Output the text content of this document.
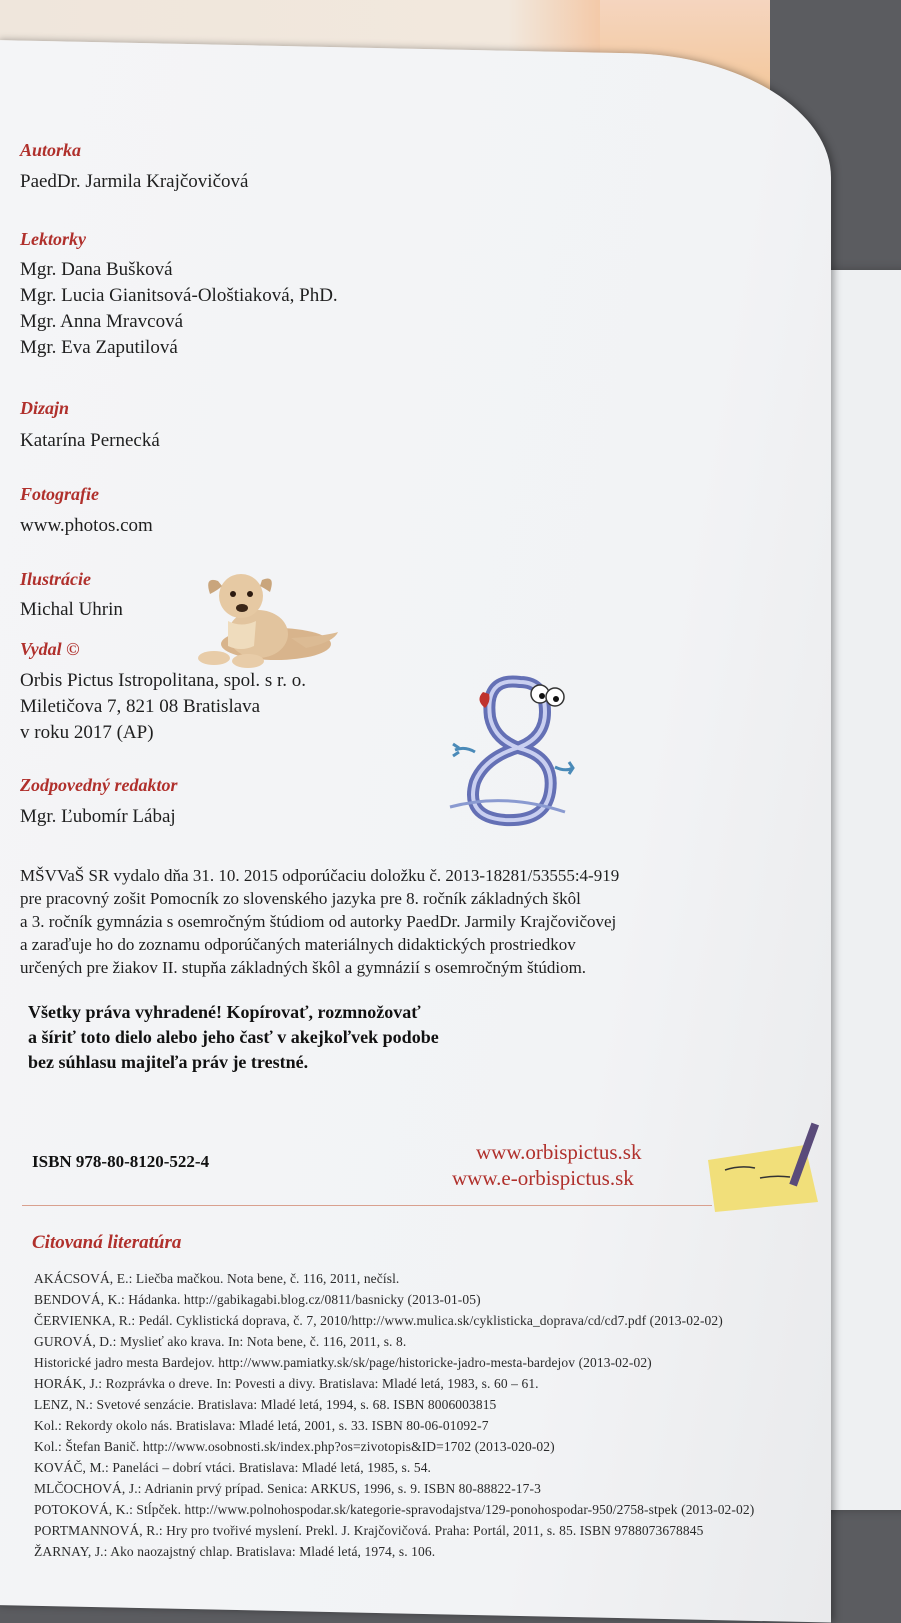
Autorka
PaedDr. Jarmila Krajčovičová
Lektorky
Mgr. Dana Bušková
Mgr. Lucia Gianitsová-Ološtiaková, PhD.
Mgr. Anna Mravcová
Mgr. Eva Zaputilová
Dizajn
Katarína Pernecká
Fotografie
www.photos.com
Ilustrácie
Michal Uhrin
Vydal ©
Orbis Pictus Istropolitana, spol. s r. o.
Miletičova 7, 821 08 Bratislava
v roku 2017 (AP)
Zodpovedný redaktor
Mgr. Ľubomír Lábaj
MŠVVaŠ SR vydalo dňa 31. 10. 2015 odporúčaciu doložku č. 2013-18281/53555:4-919
pre pracovný zošit Pomocník zo slovenského jazyka pre 8. ročník základných škôl
a 3. ročník gymnázia s osemročným štúdiom od autorky PaedDr. Jarmily Krajčovičovej
a zaraďuje ho do zoznamu odporúčaných materiálnych didaktických prostriedkov
určených pre žiakov II. stupňa základných škôl a gymnázií s osemročným štúdiom.
Všetky práva vyhradené! Kopírovať, rozmnožovať
a šíriť toto dielo alebo jeho časť v akejkoľvek podobe
bez súhlasu majiteľa práv je trestné.
ISBN 978-80-8120-522-4	www.orbispictus.sk
www.e-orbispictus.sk
Citovaná literatúra
AKÁCSOVÁ, E.: Liečba mačkou. Nota bene, č. 116, 2011, nečísl.
BENDOVÁ, K.: Hádanka. http://gabikagabi.blog.cz/0811/basnicky (2013-01-05)
ČERVIENKA, R.: Pedál. Cyklistická doprava, č. 7, 2010/http://www.mulica.sk/cyklisticka_doprava/cd/cd7.pdf (2013-02-02)
GUROVÁ, D.: Myslieť ako krava. In: Nota bene, č. 116, 2011, s. 8.
Historické jadro mesta Bardejov. http://www.pamiatky.sk/sk/page/historicke-jadro-mesta-bardejov (2013-02-02)
HORÁK, J.: Rozprávka o dreve. In: Povesti a divy. Bratislava: Mladé letá, 1983, s. 60 – 61.
LENZ, N.: Svetové senzácie. Bratislava: Mladé letá, 1994, s. 68. ISBN 8006003815
Kol.: Rekordy okolo nás. Bratislava: Mladé letá, 2001, s. 33. ISBN 80-06-01092-7
Kol.: Štefan Banič. http://www.osobnosti.sk/index.php?os=zivotopis&ID=1702 (2013-020-02)
KOVÁČ, M.: Paneláci – dobrí vtáci. Bratislava: Mladé letá, 1985, s. 54.
MLČOCHOVÁ, J.: Adrianin prvý prípad. Senica: ARKUS, 1996, s. 9. ISBN 80-88822-17-3
POTOKOVÁ, K.: Stĺpček. http://www.polnohospodar.sk/kategorie-spravodajstva/129-ponohospodar-950/2758-stpek (2013-02-02)
PORTMANNOVÁ, R.: Hry pro tvořivé myslení. Prekl. J. Krajčovičová. Praha: Portál, 2011, s. 85. ISBN 9788073678845
ŽARNAY, J.: Ako naozajstný chlap. Bratislava: Mladé letá, 1974, s. 106.
